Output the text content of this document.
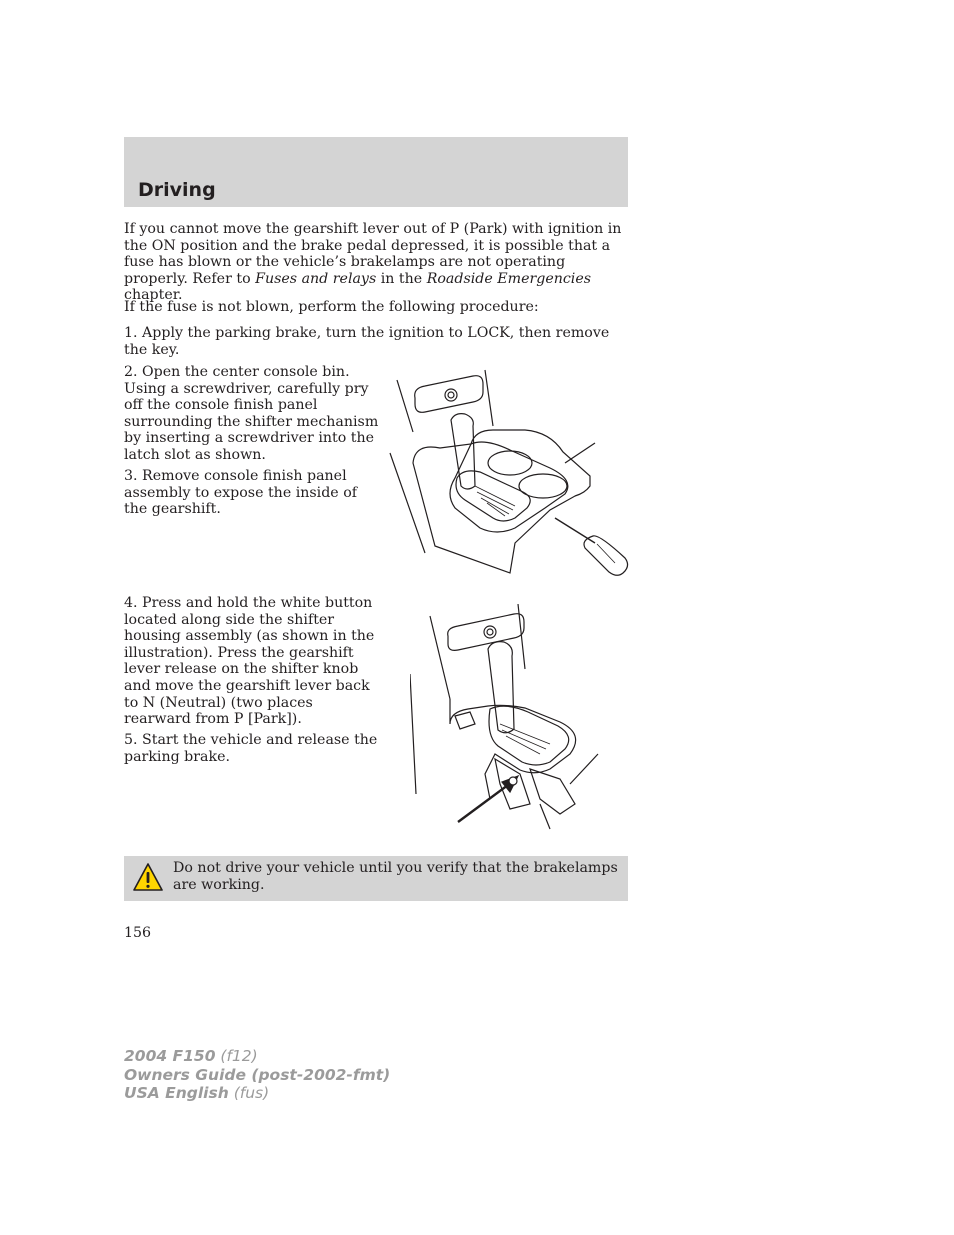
Driving

If you cannot move the gearshift lever out of P (Park) with ignition in the ON position and the brake pedal depressed, it is possible that a fuse has blown or the vehicle’s brakelamps are not operating properly. Refer to Fuses and relays in the Roadside Emergencies chapter.

If the fuse is not blown, perform the following procedure:

1. Apply the parking brake, turn the ignition to LOCK, then remove the key.

2. Open the center console bin. Using a screwdriver, carefully pry off the console finish panel surrounding the shifter mechanism by inserting a screwdriver into the latch slot as shown.

3. Remove console finish panel assembly to expose the inside of the gearshift.

4. Press and hold the white button located along side the shifter housing assembly (as shown in the illustration). Press the gearshift lever release on the shifter knob and move the gearshift lever back to N (Neutral) (two places rearward from P [Park]).

5. Start the vehicle and release the parking brake.

Do not drive your vehicle until you verify that the brakelamps are working.

156

2004 F150 (f12)
Owners Guide (post-2002-fmt)
USA English (fus)
